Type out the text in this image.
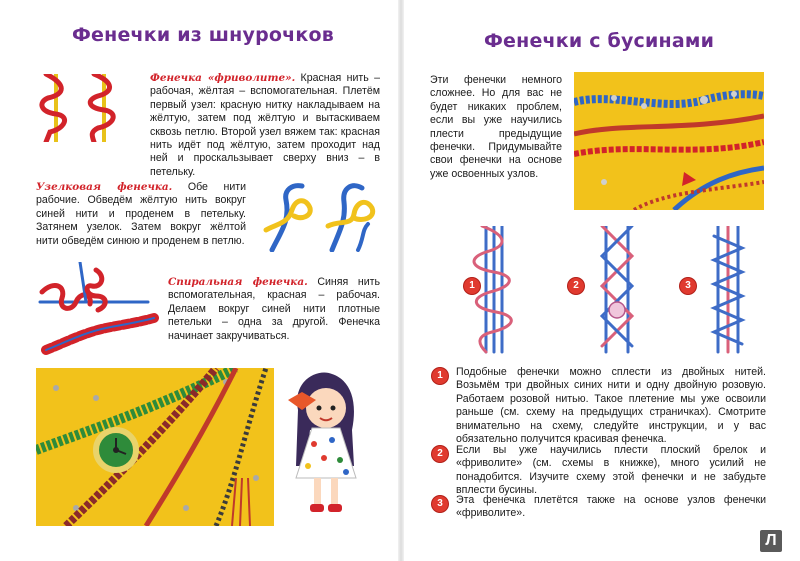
Фенечки из шнурочков
Фенечка «фриволите». Красная нить – рабочая, жёлтая – вспомогательная. Плетём первый узел: красную нитку накладываем на жёлтую, затем под жёлтую и вытаскиваем сквозь петлю. Второй узел вяжем так: красная нить идёт под жёлтую, затем проходит над ней и проскальзывает сверху вниз – в петельку.
Узелковая фенечка. Обе нити рабочие. Обведём жёлтую нить вокруг синей нити и проденем в петельку. Затянем узелок. Затем вокруг жёлтой нити обведём синюю и проденем в петлю.
Спиральная фенечка. Синяя нить вспомогательная, красная – рабочая. Делаем вокруг синей нити плотные петельки – одна за другой. Фенечка начинает закручиваться.
Фенечки с бусинами
Эти фенечки немного сложнее. Но для вас не будет никаких проблем, если вы уже научились плести предыдущие фенечки. Придумывайте свои фенечки на основе уже освоенных узлов.
1	2	3
1	Подобные фенечки можно сплести из двойных нитей. Возьмём три двойных синих нити и одну двойную розовую. Работаем розовой нитью. Такое плетение мы уже освоили раньше (см. схему на предыдущих страничках). Смотрите внимательно на схему, следуйте инструкции, и у вас обязательно получится красивая фенечка.
2	Если вы уже научились плести плоский брелок и «фриволите» (см. схемы в книжке), много усилий не понадобится. Изучите схему этой фенечки и не забудьте вплести бусины.
3	Эта фенечка плетётся также на основе узлов фенечки «фриволите».
Л
